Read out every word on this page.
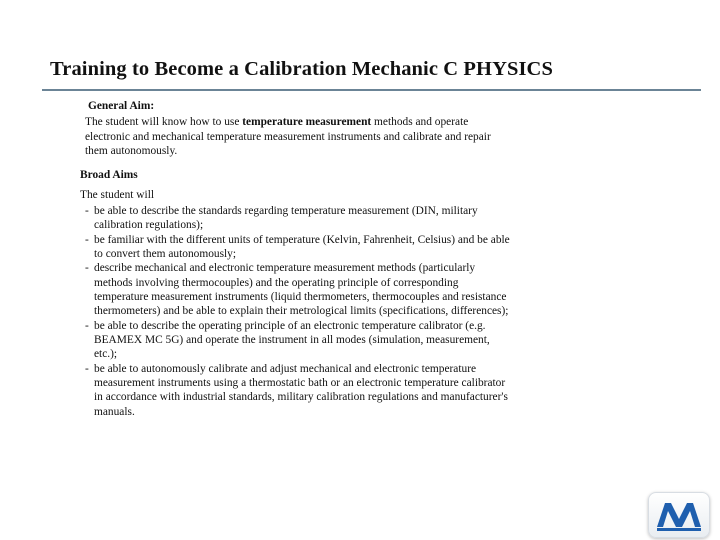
Training to Become a Calibration Mechanic C PHYSICS
General Aim:
The student will know how to use temperature measurement methods and operate electronic and mechanical temperature measurement instruments and calibrate and repair them autonomously.
Broad Aims
The student will
- be able to describe the standards regarding temperature measurement (DIN, military calibration regulations);
- be familiar with the different units of temperature (Kelvin, Fahrenheit, Celsius) and be able to convert them autonomously;
- describe mechanical and electronic temperature measurement methods (particularly methods involving thermocouples) and the operating principle of corresponding temperature measurement instruments (liquid thermometers, thermocouples and resistance thermometers) and be able to explain their metrological limits (specifications, differences);
- be able to describe the operating principle of an electronic temperature calibrator (e.g. BEAMEX MC 5G) and operate the instrument in all modes (simulation, measurement, etc.);
- be able to autonomously calibrate and adjust mechanical and electronic temperature measurement instruments using a thermostatic bath or an electronic temperature calibrator in accordance with industrial standards, military calibration regulations and manufacturer's manuals.
